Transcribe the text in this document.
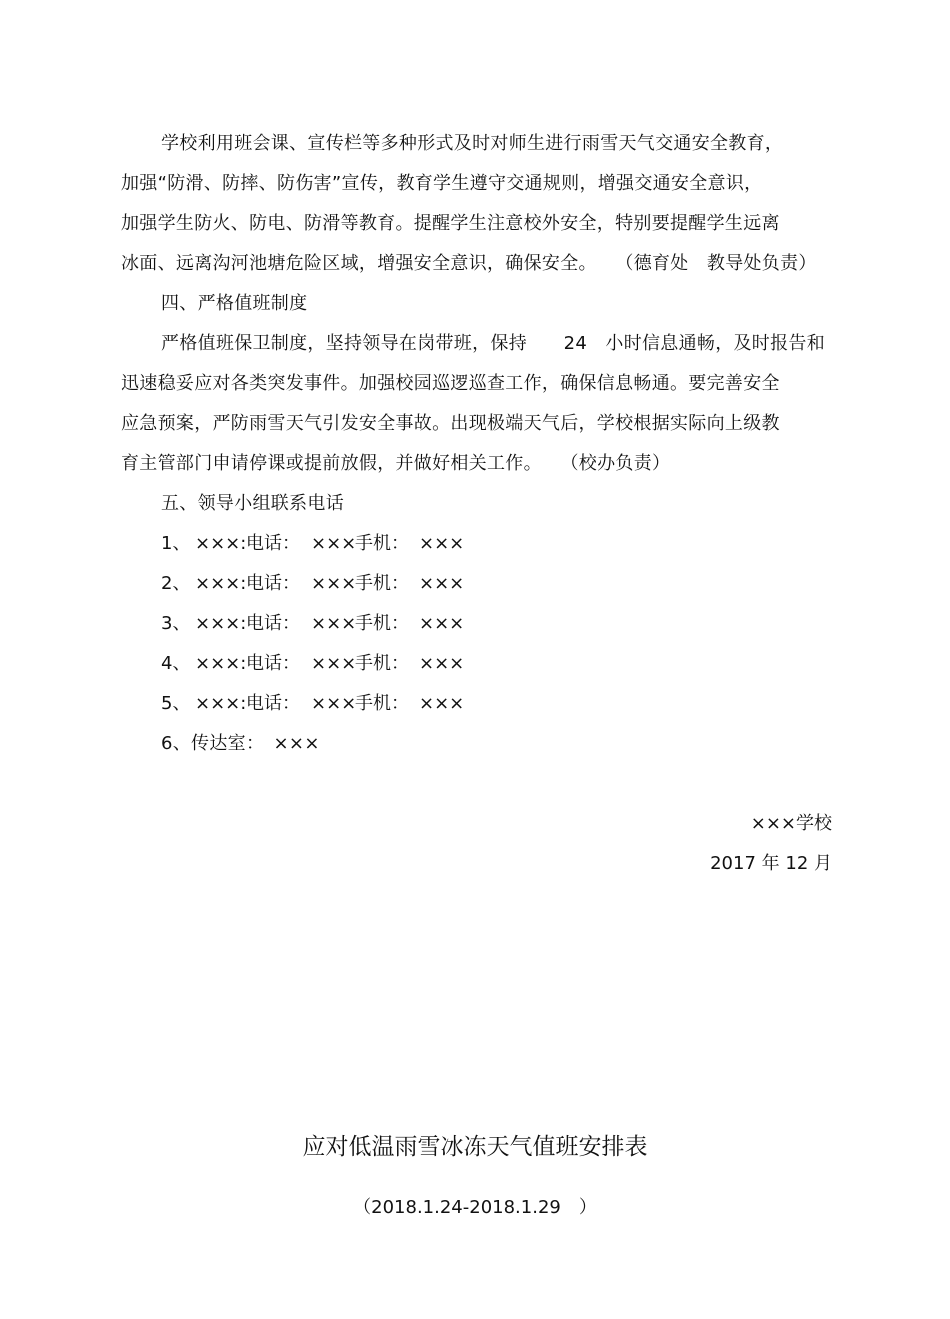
学校利用班会课、宣传栏等多种形式及时对师生进行雨雪天气交通安全教育，
加强“防滑、防摔、防伤害”宣传，教育学生遵守交通规则，增强交通安全意识，
加强学生防火、防电、防滑等教育。提醒学生注意校外安全，特别要提醒学生远离
冰面、远离沟河池塘危险区域，增强安全意识，确保安全。　　（德育处　教导处负责）
四、严格值班制度
严格值班保卫制度，坚持领导在岗带班，保持　　24　小时信息通畅，及时报告和
迅速稳妥应对各类突发事件。加强校园巡逻巡查工作，确保信息畅通。要完善安全
应急预案，严防雨雪天气引发安全事故。出现极端天气后，学校根据实际向上级教
育主管部门申请停课或提前放假，并做好相关工作。　　（校办负责）
五、领导小组联系电话
1、 ×××: 电话： ×××
手机： ×××
2、 ×××: 电话： ×××
手机： ×××
3、 ×××: 电话： ×××
手机： ×××
4、 ×××: 电话： ×××
手机： ×××
5、 ×××: 电话： ×××
手机： ×××
6、传达室：　×××
×××学校
2017 年 12 月
应对低温雨雪冰冻天气值班安排表
（2018.1.24-2018.1.29　）
